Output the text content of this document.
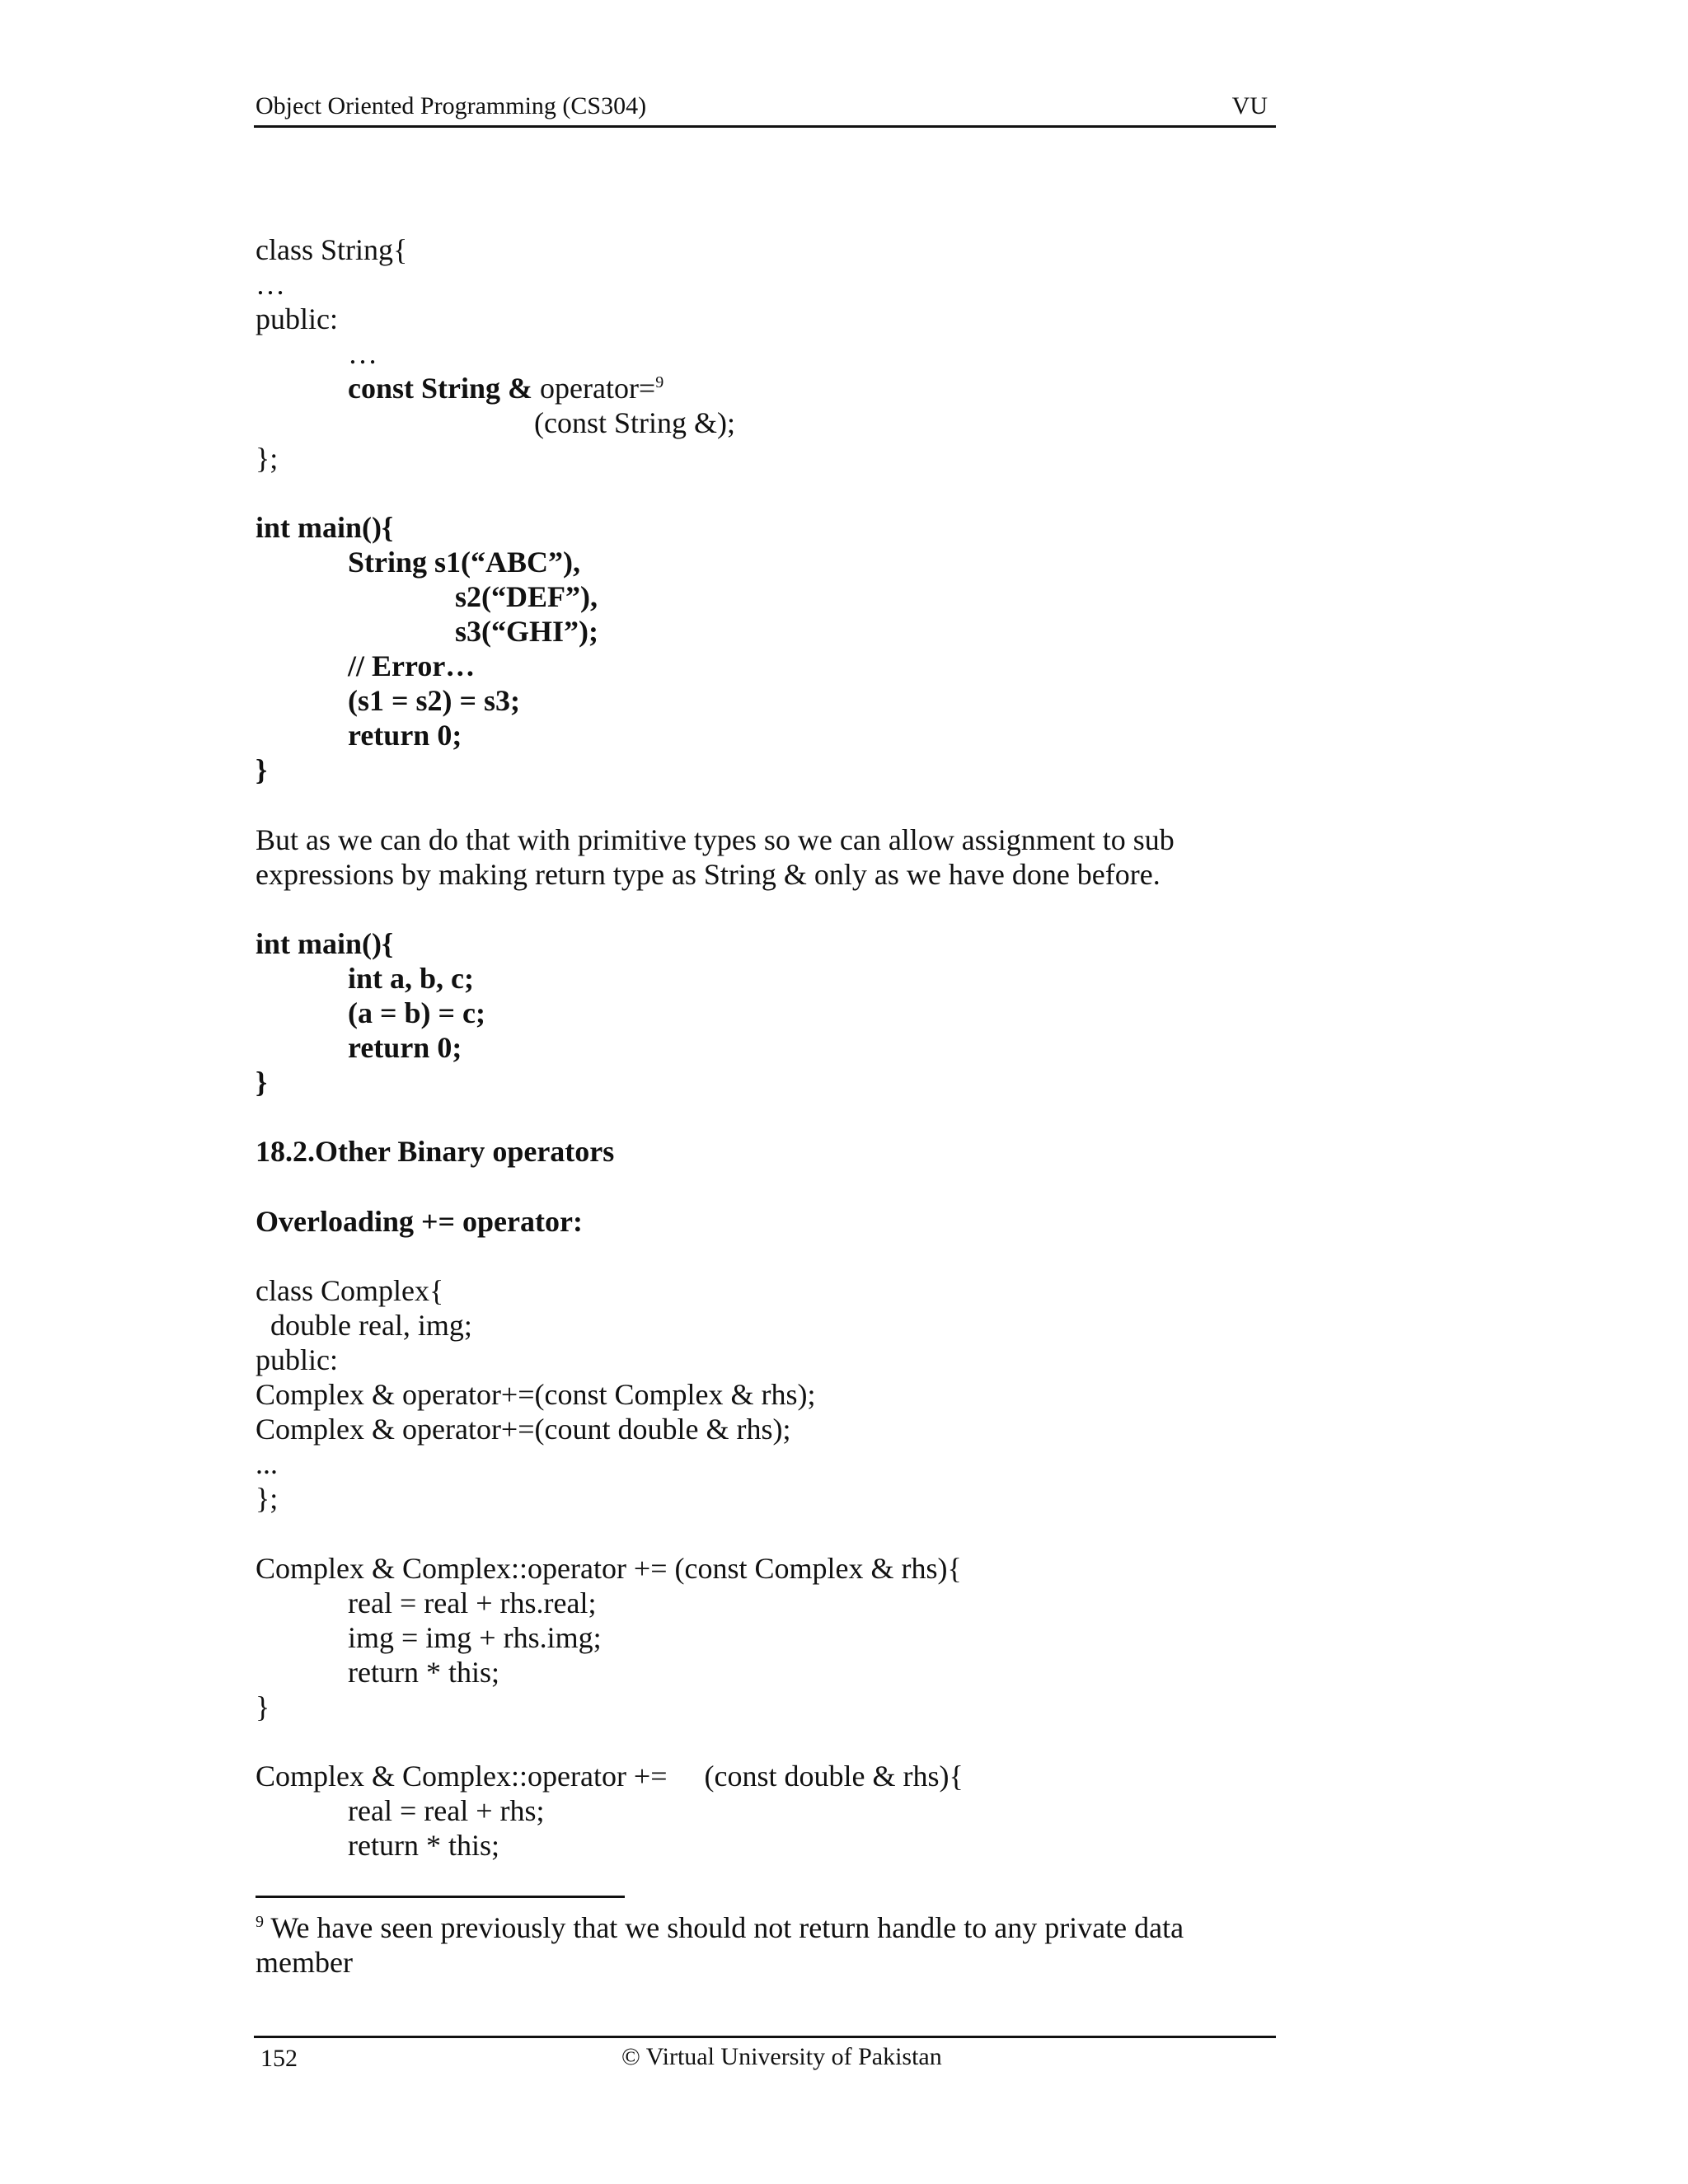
Object Oriented Programming (CS304)	VU
class String{
…
public:
…
const String & operator=$^9$
(const String &);
};
int main(){
String s1(“ABC”),
s2(“DEF”),
s3(“GHI”);
// Error…
(s1 = s2) = s3;
return 0;
}
But as we can do that with primitive types so we can allow assignment to sub
expressions by making return type as String & only as we have done before.
int main(){
int a, b, c;
(a = b) = c;
return 0;
}
18.2.Other Binary operators
Overloading += operator:
class Complex{
double real, img;
public:
Complex & operator+=(const Complex & rhs);
Complex & operator+=(count double & rhs);
...
};
Complex & Complex::operator += (const Complex & rhs){
real = real + rhs.real;
img = img + rhs.img;
return * this;
}
Complex & Complex::operator +=     (const double & rhs){
real = real + rhs;
return * this;
$^9$ We have seen previously that we should not return handle to any private data member
152	© Virtual University of Pakistan
